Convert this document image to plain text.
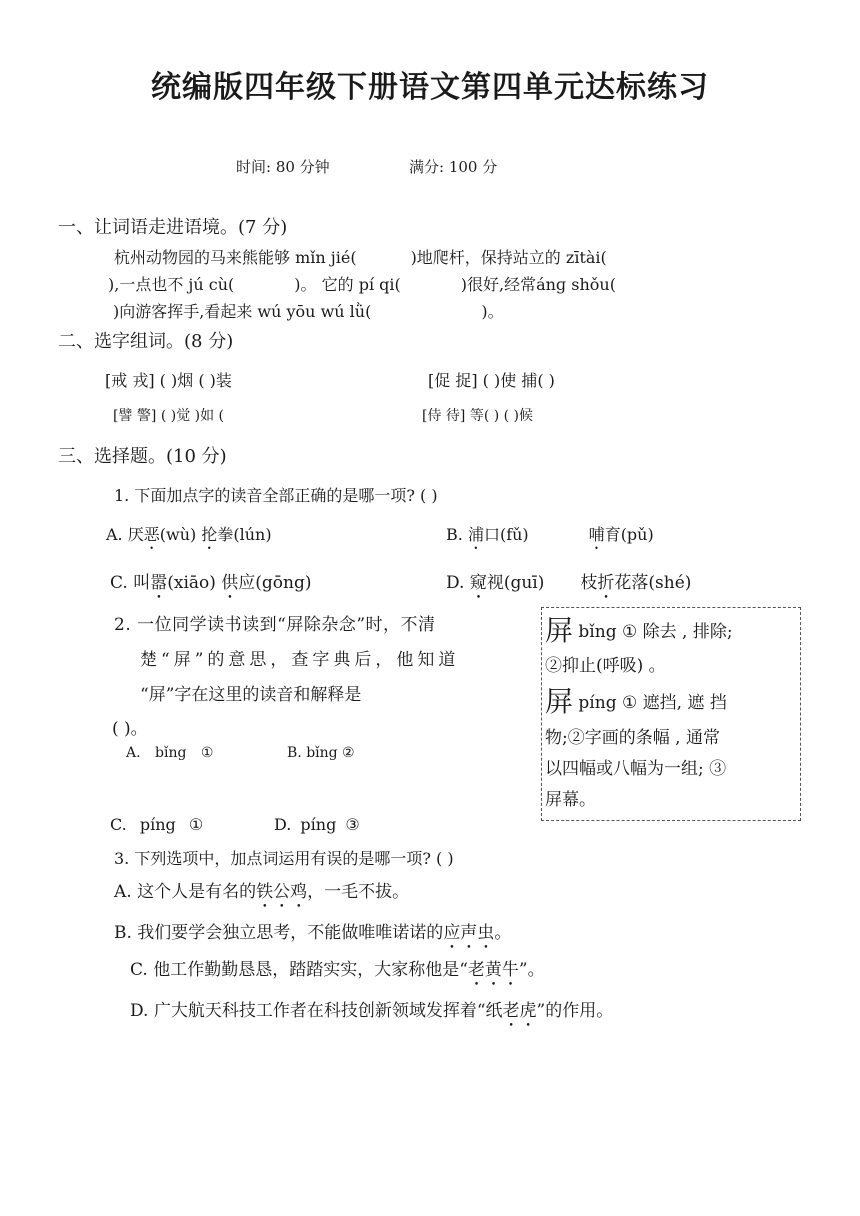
统编版四年级下册语文第四单元达标练习
时间: 80 分钟	满分: 100 分
一、让词语走进语境。(7 分)
杭州动物园的马来熊能够 mǐn jié(	)地爬杆，保持站立的 zītài(
),一点也不 jú cù(	)。 它的 pí qi(	)很好,经常ánɡ shǒu(
)向游客挥手,看起来 wú yōu wú lǜ(	)。
二、选字组词。(8 分)
[戒 戎] ( )烟 ( )装	[促 捉] ( )使 捕( )
[譬 警] ( )觉 )如 (	[侍 待] 等( ) ( )候
三、选择题。(10 分)
1. 下面加点字的读音全部正确的是哪一项? ( )
A. 厌恶(wù) 抡拳(lún)	B. 浦口(fǔ)	哺育(pǔ)
C. 叫嚣(xiāo) 供应(gōng)	D. 窥视(guī) 枝折花落(shé)
2. 一位同学读书读到“屏除杂念”时，不清
楚“屏”的意思，查字典后，他知道
“屏”字在这里的读音和解释是
( )。
A. bǐng ①	B. bǐng ②
C. píng ①	D. píng ③
屏 bǐng ① 除去 , 排除;
②抑止(呼吸) 。
屏 píng ① 遮挡, 遮 挡
物;②字画的条幅 , 通常
以四幅或八幅为一组; ③
屏幕。
3. 下列选项中，加点词运用有误的是哪一项? ( )
A. 这个人是有名的铁公鸡，一毛不拔。
B. 我们要学会独立思考，不能做唯唯诺诺的应声虫。
C. 他工作勤勤恳恳，踏踏实实，大家称他是“老黄牛”。
D. 广大航天科技工作者在科技创新领域发挥着“纸老虎”的作用。
